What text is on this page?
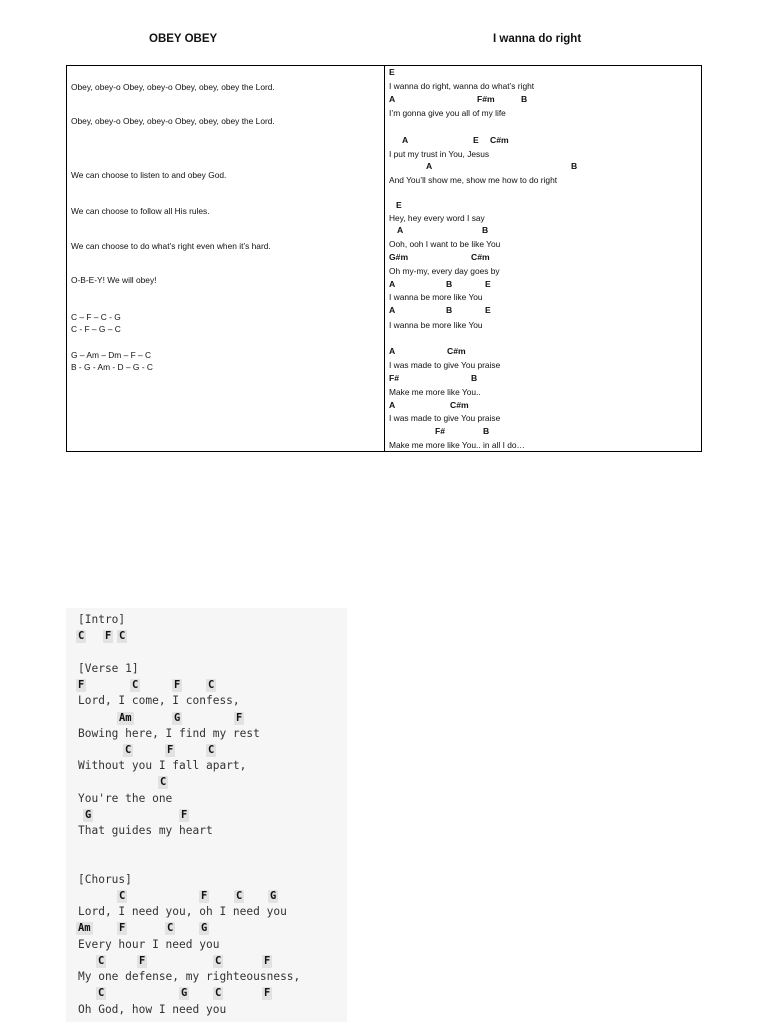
OBEY OBEY	I wanna do right
Obey, obey-o Obey, obey-o Obey, obey, obey the Lord.
Obey, obey-o Obey, obey-o Obey, obey, obey the Lord.
We can choose to listen to and obey God.
We can choose to follow all His rules.
We can choose to do what’s right even when it’s hard.
O-B-E-Y! We will obey!
C – F – C - G
C - F – G – C
G – Am – Dm – F – C
B - G - Am - D – G - C
E
I wanna do right, wanna do what’s right
A	F#m	B
I’m gonna give you all of my life
A	E C#m
I put my trust in You, Jesus
A	B
And You’ll show me, show me how to do right
E
Hey, hey every word I say
A	B
Ooh, ooh I want to be like You
G#m	C#m
Oh my-my, every day goes by
A	B	E
I wanna be more like You
A	B	E
I wanna be more like You
A	C#m
I was made to give You praise
F#	B
Make me more like You..
A	C#m
I was made to give You praise
F#	B
Make me more like You.. in all I do…
[Intro]
C F C
[Verse 1]
F	C	F	C
Lord, I come, I confess,
Am	G	F
Bowing here, I find my rest
C	F	C
Without you I fall apart,
C
You're the one
G	F
That guides my heart
[Chorus]
C	F	C	G
Lord, I need you, oh I need you
Am	F	C	G
Every hour I need you
C	F	C	F
My one defense, my righteousness,
C	G	C	F
Oh God, how I need you
